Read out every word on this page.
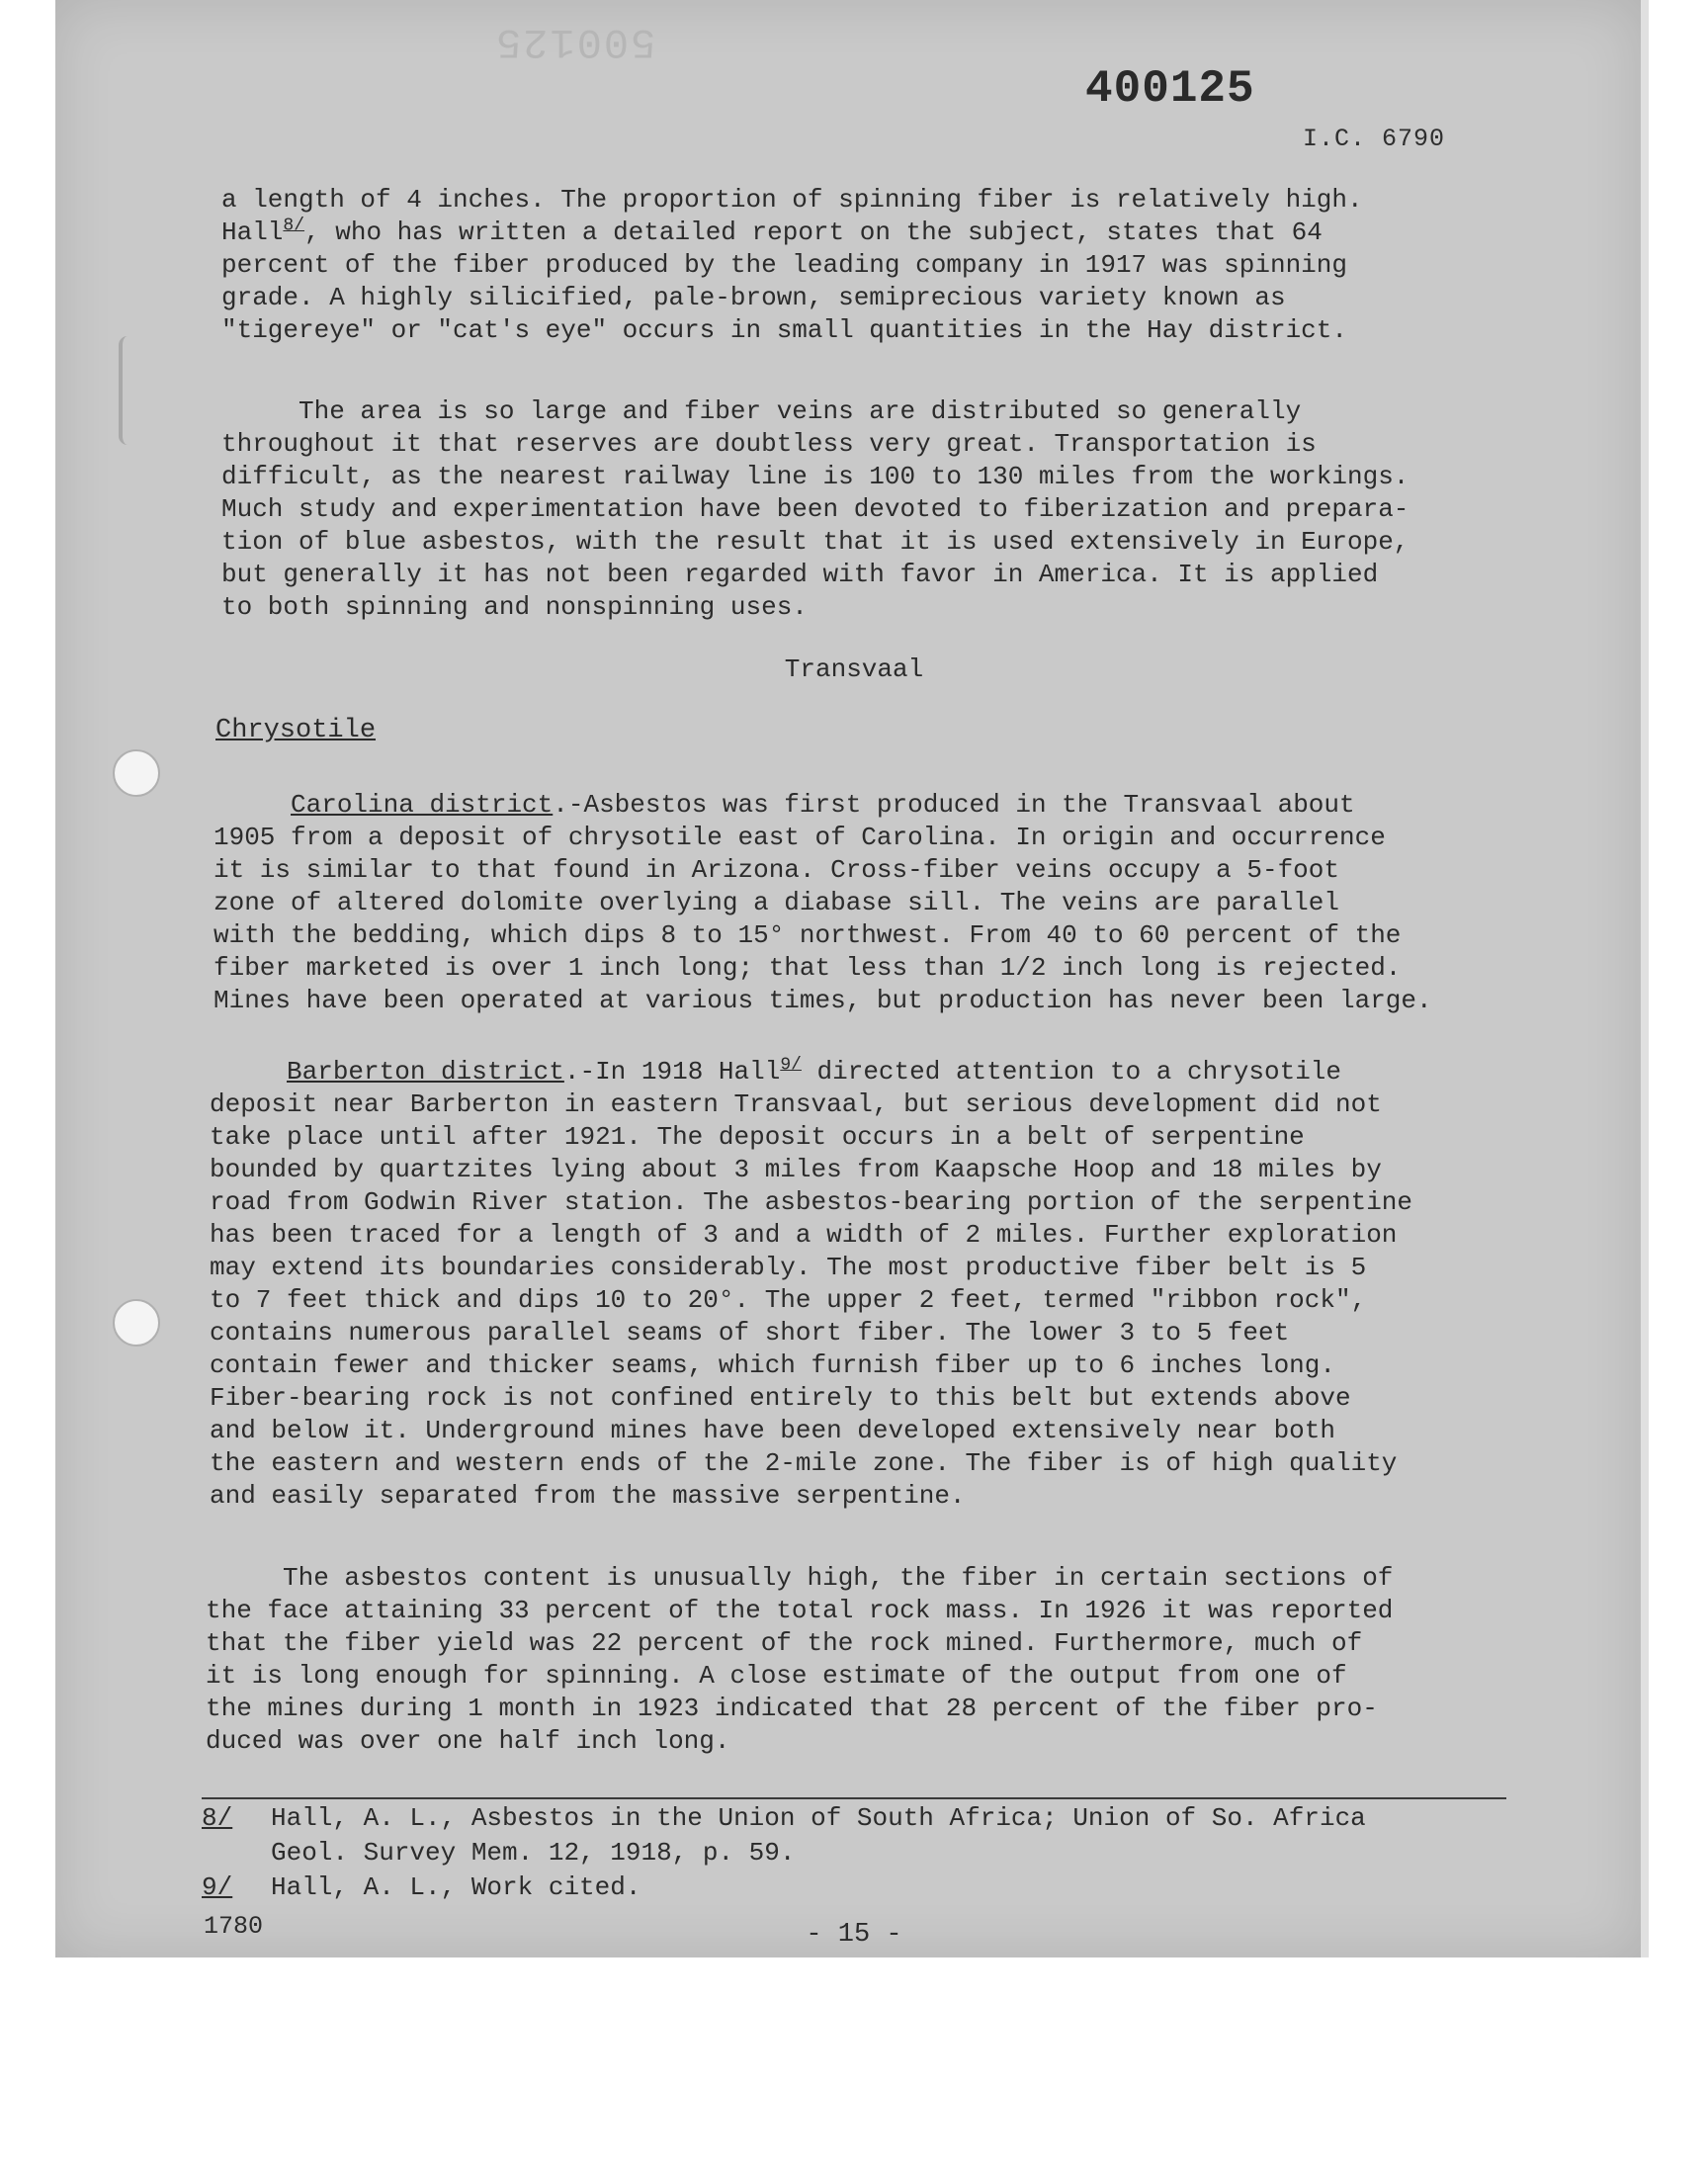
500125
400125
I.C. 6790
a length of 4 inches. The proportion of spinning fiber is relatively high.
Hall$^{8/}$, who has written a detailed report on the subject, states that 64
percent of the fiber produced by the leading company in 1917 was spinning
grade. A highly silicified, pale-brown, semiprecious variety known as
"tigereye" or "cat's eye" occurs in small quantities in the Hay district.
The area is so large and fiber veins are distributed so generally
throughout it that reserves are doubtless very great. Transportation is
difficult, as the nearest railway line is 100 to 130 miles from the workings.
Much study and experimentation have been devoted to fiberization and prepara-
tion of blue asbestos, with the result that it is used extensively in Europe,
but generally it has not been regarded with favor in America. It is applied
to both spinning and nonspinning uses.
Transvaal
Chrysotile
Carolina district.-Asbestos was first produced in the Transvaal about
1905 from a deposit of chrysotile east of Carolina. In origin and occurrence
it is similar to that found in Arizona. Cross-fiber veins occupy a 5-foot
zone of altered dolomite overlying a diabase sill. The veins are parallel
with the bedding, which dips 8 to 15° northwest. From 40 to 60 percent of the
fiber marketed is over 1 inch long; that less than 1/2 inch long is rejected.
Mines have been operated at various times, but production has never been large.
Barberton district.-In 1918 Hall$^{9/}$ directed attention to a chrysotile
deposit near Barberton in eastern Transvaal, but serious development did not
take place until after 1921. The deposit occurs in a belt of serpentine
bounded by quartzites lying about 3 miles from Kaapsche Hoop and 18 miles by
road from Godwin River station. The asbestos-bearing portion of the serpentine
has been traced for a length of 3 and a width of 2 miles. Further exploration
may extend its boundaries considerably. The most productive fiber belt is 5
to 7 feet thick and dips 10 to 20°. The upper 2 feet, termed "ribbon rock",
contains numerous parallel seams of short fiber. The lower 3 to 5 feet
contain fewer and thicker seams, which furnish fiber up to 6 inches long.
Fiber-bearing rock is not confined entirely to this belt but extends above
and below it. Underground mines have been developed extensively near both
the eastern and western ends of the 2-mile zone. The fiber is of high quality
and easily separated from the massive serpentine.
The asbestos content is unusually high, the fiber in certain sections of
the face attaining 33 percent of the total rock mass. In 1926 it was reported
that the fiber yield was 22 percent of the rock mined. Furthermore, much of
it is long enough for spinning. A close estimate of the output from one of
the mines during 1 month in 1923 indicated that 28 percent of the fiber pro-
duced was over one half inch long.
8/ Hall, A. L., Asbestos in the Union of South Africa; Union of So. Africa
Geol. Survey Mem. 12, 1918, p. 59.
9/ Hall, A. L., Work cited.
1780	- 15 -
